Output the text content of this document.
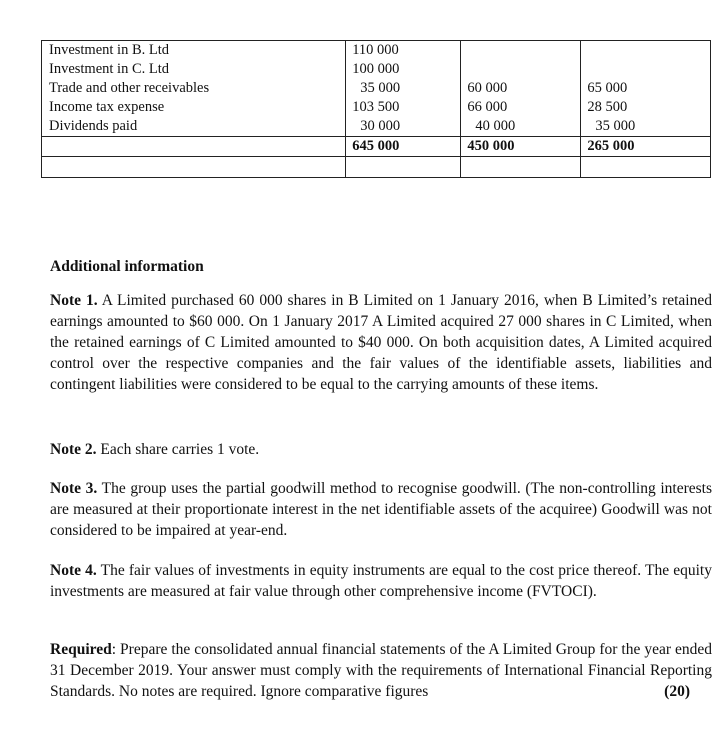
Investment in B. Ltd	110 000		
Investment in C. Ltd	100 000		
Trade and other receivables	35 000	60 000	65 000
Income tax expense	103 500	66 000	28 500
Dividends paid	30 000	40 000	35 000
	645 000	450 000	265 000

Additional information
Note 1. A Limited purchased 60 000 shares in B Limited on 1 January 2016, when B Limited’s retained earnings amounted to $60 000. On 1 January 2017 A Limited acquired 27 000 shares in C Limited, when the retained earnings of C Limited amounted to $40 000. On both acquisition dates, A Limited acquired control over the respective companies and the fair values of the identifiable assets, liabilities and contingent liabilities were considered to be equal to the carrying amounts of these items.
Note 2. Each share carries 1 vote.
Note 3. The group uses the partial goodwill method to recognise goodwill. (The non-controlling interests are measured at their proportionate interest in the net identifiable assets of the acquiree) Goodwill was not considered to be impaired at year-end.
Note 4. The fair values of investments in equity instruments are equal to the cost price thereof. The equity investments are measured at fair value through other comprehensive income (FVTOCI).
Required: Prepare the consolidated annual financial statements of the A Limited Group for the year ended 31 December 2019. Your answer must comply with the requirements of International Financial Reporting Standards. No notes are required. Ignore comparative figures	(20)
